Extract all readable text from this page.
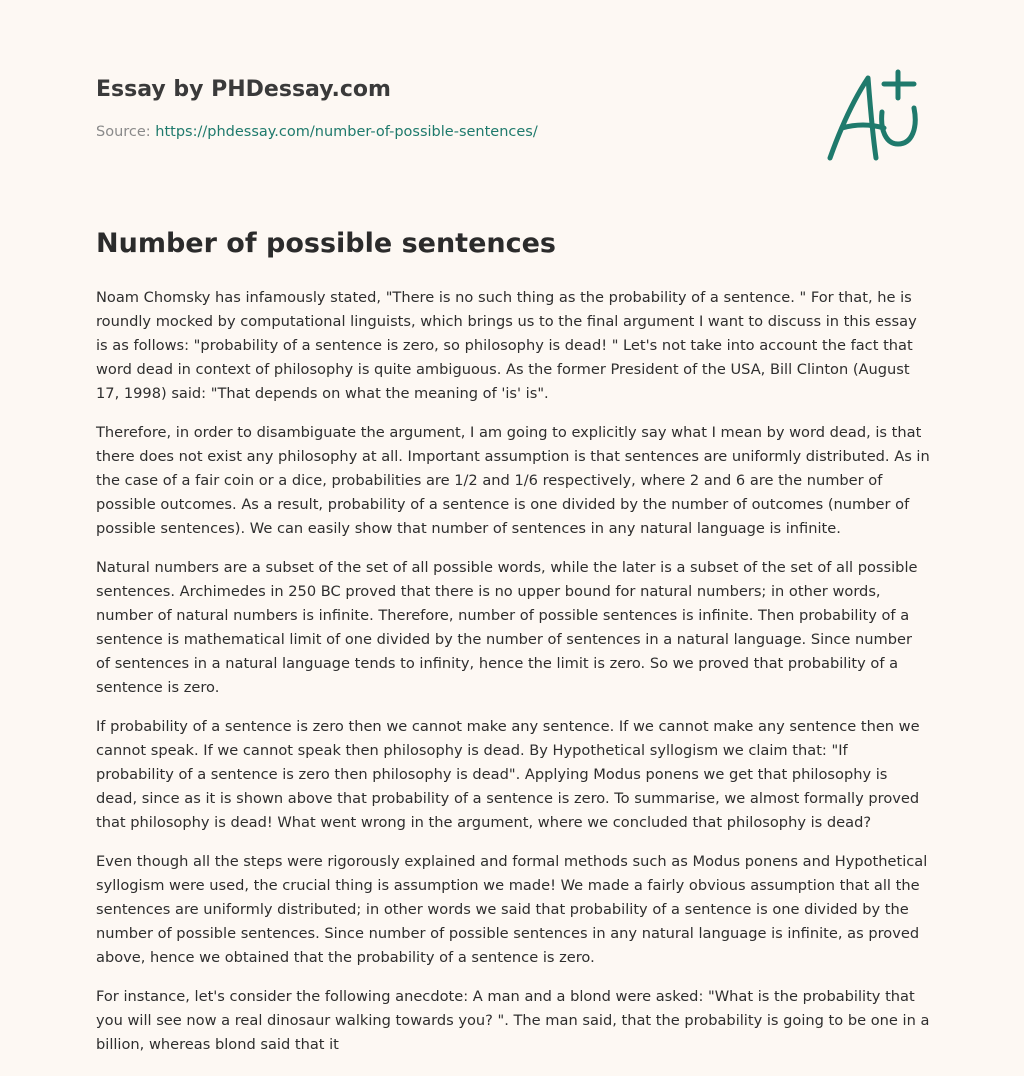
Essay by PHDessay.com
Source: https://phdessay.com/number-of-possible-sentences/
Number of possible sentences

Noam Chomsky has infamously stated, "There is no such thing as the probability of a sentence. " For that, he is roundly mocked by computational linguists, which brings us to the final argument I want to discuss in this essay is as follows: "probability of a sentence is zero, so philosophy is dead! " Let's not take into account the fact that word dead in context of philosophy is quite ambiguous. As the former President of the USA, Bill Clinton (August 17, 1998) said: "That depends on what the meaning of 'is' is".

Therefore, in order to disambiguate the argument, I am going to explicitly say what I mean by word dead, is that there does not exist any philosophy at all. Important assumption is that sentences are uniformly distributed. As in the case of a fair coin or a dice, probabilities are 1/2 and 1/6 respectively, where 2 and 6 are the number of possible outcomes. As a result, probability of a sentence is one divided by the number of outcomes (number of possible sentences). We can easily show that number of sentences in any natural language is infinite.

Natural numbers are a subset of the set of all possible words, while the later is a subset of the set of all possible sentences. Archimedes in 250 BC proved that there is no upper bound for natural numbers; in other words, number of natural numbers is infinite. Therefore, number of possible sentences is infinite. Then probability of a sentence is mathematical limit of one divided by the number of sentences in a natural language. Since number of sentences in a natural language tends to infinity, hence the limit is zero. So we proved that probability of a sentence is zero.

If probability of a sentence is zero then we cannot make any sentence. If we cannot make any sentence then we cannot speak. If we cannot speak then philosophy is dead. By Hypothetical syllogism we claim that: "If probability of a sentence is zero then philosophy is dead". Applying Modus ponens we get that philosophy is dead, since as it is shown above that probability of a sentence is zero. To summarise, we almost formally proved that philosophy is dead! What went wrong in the argument, where we concluded that philosophy is dead?

Even though all the steps were rigorously explained and formal methods such as Modus ponens and Hypothetical syllogism were used, the crucial thing is assumption we made! We made a fairly obvious assumption that all the sentences are uniformly distributed; in other words we said that probability of a sentence is one divided by the number of possible sentences. Since number of possible sentences in any natural language is infinite, as proved above, hence we obtained that the probability of a sentence is zero.

For instance, let's consider the following anecdote: A man and a blond were asked: "What is the probability that you will see now a real dinosaur walking towards you? ". The man said, that the probability is going to be one in a billion, whereas blond said that it
